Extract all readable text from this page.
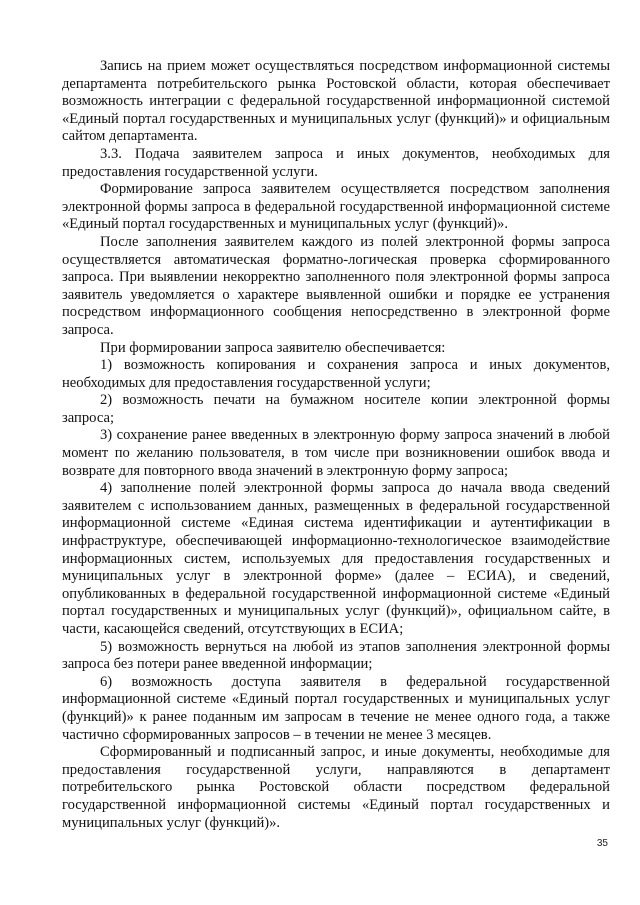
Запись на прием может осуществляться посредством информационной системы департамента потребительского рынка Ростовской области, которая обеспечивает возможность интеграции с федеральной государственной информационной системой «Единый портал государственных и муниципальных услуг (функций)» и официальным сайтом департамента.

3.3. Подача заявителем запроса и иных документов, необходимых для предоставления государственной услуги.

Формирование запроса заявителем осуществляется посредством заполнения электронной формы запроса в федеральной государственной информационной системе «Единый портал государственных и муниципальных услуг (функций)».

После заполнения заявителем каждого из полей электронной формы запроса осуществляется автоматическая форматно-логическая проверка сформированного запроса. При выявлении некорректно заполненного поля электронной формы запроса заявитель уведомляется о характере выявленной ошибки и порядке ее устранения посредством информационного сообщения непосредственно в электронной форме запроса.

При формировании запроса заявителю обеспечивается:

1) возможность копирования и сохранения запроса и иных документов, необходимых для предоставления государственной услуги;

2) возможность печати на бумажном носителе копии электронной формы запроса;

3) сохранение ранее введенных в электронную форму запроса значений в любой момент по желанию пользователя, в том числе при возникновении ошибок ввода и возврате для повторного ввода значений в электронную форму запроса;

4) заполнение полей электронной формы запроса до начала ввода сведений заявителем с использованием данных, размещенных в федеральной государственной информационной системе «Единая система идентификации и аутентификации в инфраструктуре, обеспечивающей информационно-технологическое взаимодействие информационных систем, используемых для предоставления государственных и муниципальных услуг в электронной форме» (далее – ЕСИА), и сведений, опубликованных в федеральной государственной информационной системе «Единый портал государственных и муниципальных услуг (функций)», официальном сайте, в части, касающейся сведений, отсутствующих в ЕСИА;

5) возможность вернуться на любой из этапов заполнения электронной формы запроса без потери ранее введенной информации;

6) возможность доступа заявителя в федеральной государственной информационной системе «Единый портал государственных и муниципальных услуг (функций)» к ранее поданным им запросам в течение не менее одного года, а также частично сформированных запросов – в течении не менее 3 месяцев.

Сформированный и подписанный запрос, и иные документы, необходимые для предоставления государственной услуги, направляются в департамент потребительского рынка Ростовской области посредством федеральной государственной информационной системы «Единый портал государственных и муниципальных услуг (функций)».

35
